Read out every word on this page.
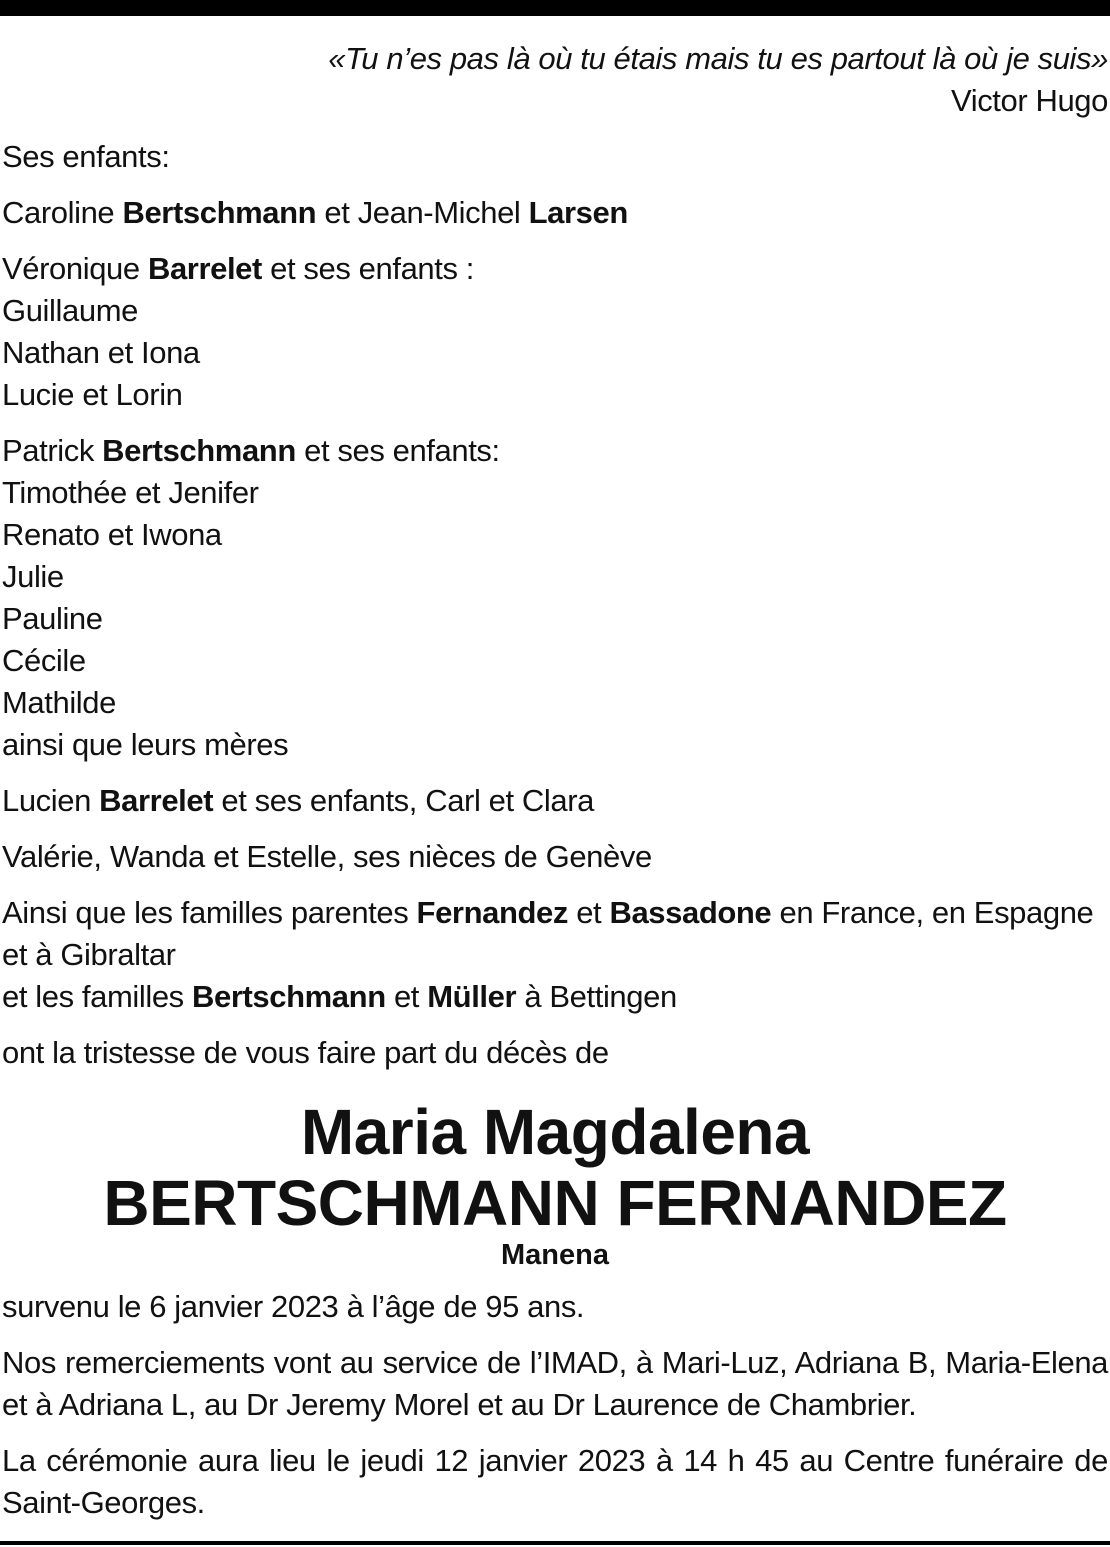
«Tu n’es pas là où tu étais mais tu es partout là où je suis»

Victor Hugo

Ses enfants:

Caroline Bertschmann et Jean-Michel Larsen

Véronique Barrelet et ses enfants :

Guillaume

Nathan et Iona

Lucie et Lorin

Patrick Bertschmann et ses enfants:

Timothée et Jenifer

Renato et Iwona

Julie

Pauline

Cécile

Mathilde

ainsi que leurs mères

Lucien Barrelet et ses enfants, Carl et Clara

Valérie, Wanda et Estelle, ses nièces de Genève

Ainsi que les familles parentes Fernandez et Bassadone en France, en Espagne

et à Gibraltar

et les familles Bertschmann et Müller à Bettingen

ont la tristesse de vous faire part du décès de

Maria Magdalena
BERTSCHMANN FERNANDEZ
Manena

survenu le 6 janvier 2023 à l’âge de 95 ans.

Nos remerciements vont au service de l’IMAD, à Mari-Luz, Adriana B, Maria-Elena et à Adriana L, au Dr Jeremy Morel et au Dr Laurence de Chambrier.

La cérémonie aura lieu le jeudi 12 janvier 2023 à 14 h 45 au Centre funéraire de Saint-Georges.
